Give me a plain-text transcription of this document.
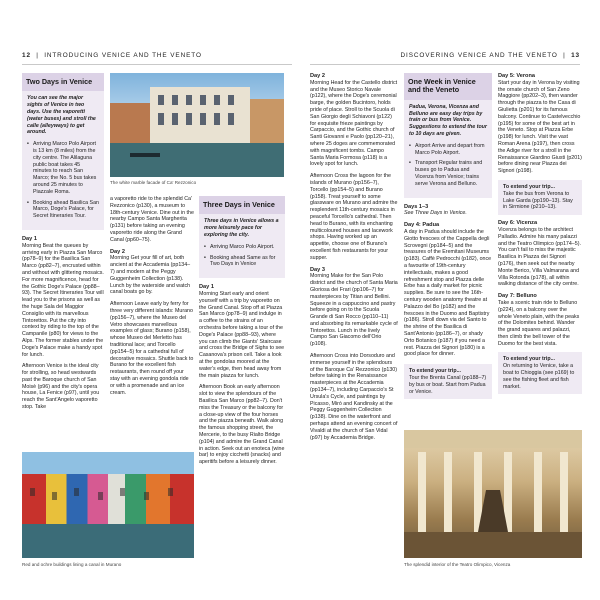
12  |  INTRODUCING VENICE AND THE VENETO
Two Days in Venice

You can see the major sights of Venice in two days. Use the vaporetti (water buses) and stroll the calle (alleyways) to get around.

• Arriving Marco Polo Airport is 13 km (8 miles) from the city centre. The Alilaguna public boat takes 45 minutes to reach San Marco; the No. 5 bus takes around 25 minutes to Piazzale Roma.
• Booking ahead Basilica San Marco, Doge's Palace, for Secret Itineraries Tour.

Day 1
Morning Beat the queues by arriving early in Piazza San Marco (pp78–9) for the Basilica San Marco (pp82–7), encrusted within and without with glittering mosaics. For more magnificence, head for the Gothic Doge's Palace (pp88–93). The Secret Itineraries Tour will lead you to the prisons as well as the huge Sala del Maggior Consiglio with its marvellous Tintorettos. Put the city into context by riding to the top of the Campanile (p80) for views to the Alps. The former stables under the Doge's Palace make a handy spot for lunch.

Afternoon Venice is the ideal city for strolling, so head westwards past the Baroque church of San Moisè (p96) and the city's opera house, La Fenice (p97), until you reach the Sant'Angelo vaporetto stop. Take

The white marble facade of Ca' Rezzonico

a vaporetto ride to the splendid Ca' Rezzonico (p130), a museum to 18th-century Venice. Dine out in the nearby Campo Santa Margherita (p131) before taking an evening vaporetto ride along the Grand Canal (pp60–75).

Day 2
Morning Get your fill of art, both ancient at the Accademia (pp134–7) and modern at the Peggy Guggenheim Collection (p138). Lunch by the waterside and watch canal boats go by.

Afternoon Leave early by ferry for three very different islands: Murano (pp156–7), where the Museo del Vetro showcases marvellous examples of glass; Burano (p158), whose Museo del Merletto has traditional lace; and Torcello (pp154–5) for a cathedral full of decorative mosaics. Shuttle back to Burano for the excellent fish restaurants, then round off your stay with an evening gondola ride or with a promenade and an ice cream.

Three Days in Venice

Three days in Venice allows a more leisurely pace for exploring the city.

• Arriving Marco Polo Airport.
• Booking ahead Same as for Two Days in Venice

Day 1
Morning Start early and orient yourself with a trip by vaporetto on the Grand Canal. Stop off at Piazza San Marco (pp78–9) and indulge in a coffee to the strains of an orchestra before taking a tour of the Doge's Palace (pp88–93), where you can climb the Giants' Staircase and cross the Bridge of Sighs to see Casanova's prison cell. Take a look at the gondolas moored at the water's edge, then head away from the main piazza for lunch.

Afternoon Book an early afternoon slot to view the splendours of the Basilica San Marco (pp82–7). Don't miss the Treasury or the balcony for a close-up view of the four horses and the piazza beneath. Walk along the famous shopping street, the Mercerie, to the busy Rialto Bridge (p104) and admire the Grand Canal in action. Seek out an enoteca (wine bar) to enjoy cicchetti (snacks) and aperitifs before a leisurely dinner.

Red and ochre buildings lining a canal in Murano
DISCOVERING VENICE AND THE VENETO  |  13

Day 2
Morning Head for the Castello district and the Museo Storico Navale (p122), where the Doge's ceremonial barge, the golden Bucintoro, holds pride of place. Stroll to the Scuola di San Giorgio degli Schiavoni (p122) for exquisite frieze paintings by Carpaccio, and the Gothic church of Santi Giovanni e Paolo (pp120–21), where 25 doges are commemorated with magnificent tombs. Campo Santa Maria Formosa (p118) is a lovely spot for lunch.

Afternoon Cross the lagoon for the islands of Murano (pp156–7), Torcello (pp154–5) and Burano (p158). Treat yourself to some glassware on Murano and admire the resplendent 11th-century mosaics in peaceful Torcello's cathedral. Then head to Burano, with its enchanting multicoloured houses and lacework shops. Having worked up an appetite, choose one of Burano's excellent fish restaurants for your supper.

Day 3
Morning Make for the San Polo district and the church of Santa Maria Gloriosa dei Frari (pp106–7) for masterpieces by Titian and Bellini. Squeeze in a cappuccino and pastry before going on to the Scuola Grande di San Rocco (pp110–11) and absorbing its remarkable cycle of Tintorettos. Lunch in the lively Campo San Giacomo dell'Orio (p108).

Afternoon Cross into Dorsoduro and immerse yourself in the splendours of the Baroque Ca' Rezzonico (p130) before taking in the Renaissance masterpieces at the Accademia (pp134–7), including Carpaccio's St Ursula's Cycle, and paintings by Picasso, Miró and Kandinsky at the Peggy Guggenheim Collection (p138). Dine on the waterfront and perhaps attend an evening concert of Vivaldi at the church of San Vidal (p97) by Accademia Bridge.

One Week in Venice and the Veneto

Padua, Verona, Vicenza and Belluno are easy day trips by train or bus from Venice. Suggestions to extend the tour to 10 days are given.

• Airport Arrive and depart from Marco Polo Airport.
• Transport Regular trains and buses go to Padua and Vicenza from Venice; trains serve Verona and Belluno.

Days 1–3
See Three Days in Venice.

Day 4: Padua
A day in Padua should include the Giotto frescoes of the Cappella degli Scrovegni (pp184–5) and the treasures of the Eremitani Museums (p183). Caffè Pedrocchi (p182), once a favourite of 19th-century intellectuals, makes a good refreshment stop and Piazza delle Erbe has a daily market for picnic supplies. Be sure to see the 16th-century wooden anatomy theatre at Palazzo del Bo (p182) and the frescoes in the Duomo and Baptistry (p186). Stroll down via del Santo to the shrine of the Basilica di Sant'Antonio (pp186–7), or shady Orto Botanico (p187) if you need a rest. Piazza dei Signori (p180) is a good place for dinner.

To extend your trip...
Tour the Brenta Canal (pp188–7) by bus or boat. Start from Padua or Venice.

Day 5: Verona
Start your day in Verona by visiting the ornate church of San Zeno Maggiore (pp202–3), then wander through the piazza to the Casa di Giulietta (p201) for its famous balcony. Continue to Castelvecchio (p195) for some of the best art in the Veneto. Stop at Piazza Erbe (p198) for lunch. Visit the vast Roman Arena (p197), then cross the Adige river for a stroll in the Renaissance Giardino Giusti (p201) before dining near Piazza dei Signori (p198).

To extend your trip...
Take the bus from Verona to Lake Garda (pp190–13). Stay in Sirmione (p210–13).

Day 6: Vicenza
Vicenza belongs to the architect Palladio. Admire his many palazzi and the Teatro Olimpico (pp174–5). You can't fail to miss the majestic Basilica in Piazza dei Signori (p176), then seek out the nearby Monte Berico, Villa Valmarana and Villa Rotonda (p178), all within walking distance of the city centre.

Day 7: Belluno
Take a scenic train ride to Belluno (p224), on a balcony over the whole Veneto plain, with the peaks of the Dolomites behind. Wander the grand squares and palazzi, then climb the bell tower of the Duomo for the best vista.

To extend your trip...
On returning to Venice, take a boat to Chioggia (see p169) to see the fishing fleet and fish market.
The splendid interior of the Teatro Olimpico, Vicenza
